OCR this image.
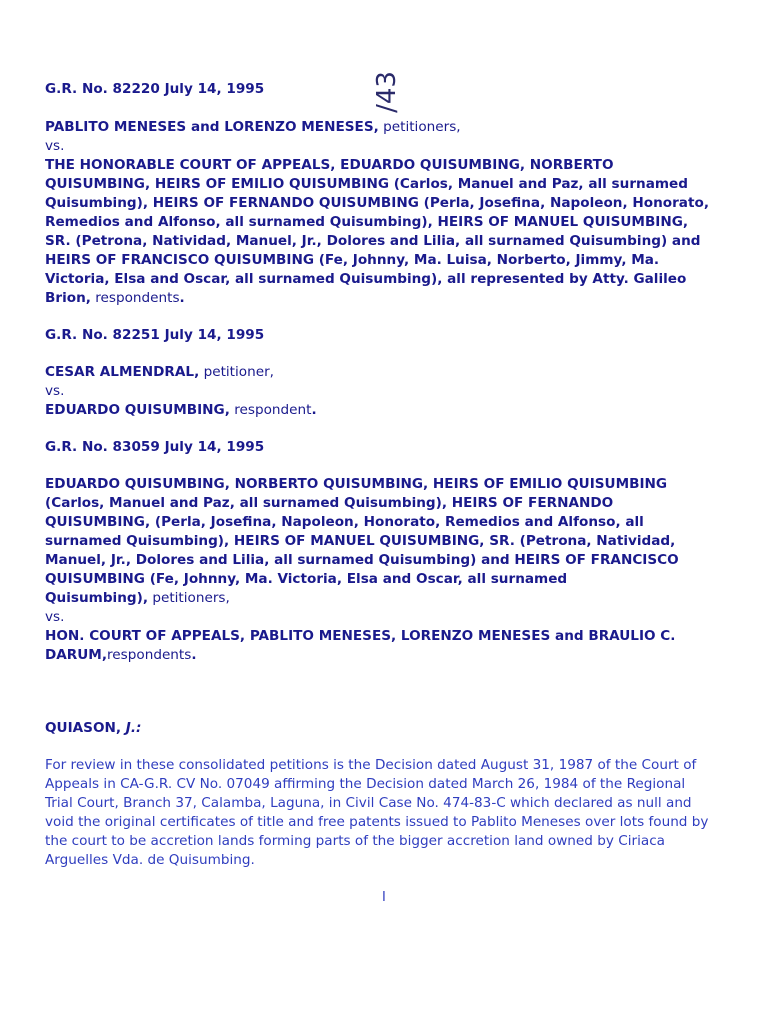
/43

G.R. No. 82220 July 14, 1995

PABLITO MENESES and LORENZO MENESES, petitioners,

vs.

THE HONORABLE COURT OF APPEALS, EDUARDO QUISUMBING, NORBERTO

QUISUMBING, HEIRS OF EMILIO QUISUMBING (Carlos, Manuel and Paz, all surnamed

Quisumbing), HEIRS OF FERNANDO QUISUMBING (Perla, Josefina, Napoleon, Honorato,

Remedios and Alfonso, all surnamed Quisumbing), HEIRS OF MANUEL QUISUMBING,

SR. (Petrona, Natividad, Manuel, Jr., Dolores and Lilia, all surnamed Quisumbing) and

HEIRS OF FRANCISCO QUISUMBING (Fe, Johnny, Ma. Luisa, Norberto, Jimmy, Ma.

Victoria, Elsa and Oscar, all surnamed Quisumbing), all represented by Atty. Galileo

Brion, respondents.

G.R. No. 82251 July 14, 1995

CESAR ALMENDRAL, petitioner,

vs.

EDUARDO QUISUMBING, respondent.

G.R. No. 83059 July 14, 1995

EDUARDO QUISUMBING, NORBERTO QUISUMBING, HEIRS OF EMILIO QUISUMBING

(Carlos, Manuel and Paz, all surnamed Quisumbing), HEIRS OF FERNANDO

QUISUMBING, (Perla, Josefina, Napoleon, Honorato, Remedios and Alfonso, all

surnamed Quisumbing), HEIRS OF MANUEL QUISUMBING, SR. (Petrona, Natividad,

Manuel, Jr., Dolores and Lilia, all surnamed Quisumbing) and HEIRS OF FRANCISCO

QUISUMBING (Fe, Johnny, Ma. Victoria, Elsa and Oscar, all surnamed

Quisumbing), petitioners,

vs.

HON. COURT OF APPEALS, PABLITO MENESES, LORENZO MENESES and BRAULIO C.

DARUM,respondents.

QUIASON, J.:

For review in these consolidated petitions is the Decision dated August 31, 1987 of the Court of

Appeals in CA-G.R. CV No. 07049 affirming the Decision dated March 26, 1984 of the Regional

Trial Court, Branch 37, Calamba, Laguna, in Civil Case No. 474-83-C which declared as null and

void the original certificates of title and free patents issued to Pablito Meneses over lots found by

the court to be accretion lands forming parts of the bigger accretion land owned by Ciriaca

Arguelles Vda. de Quisumbing.

I
